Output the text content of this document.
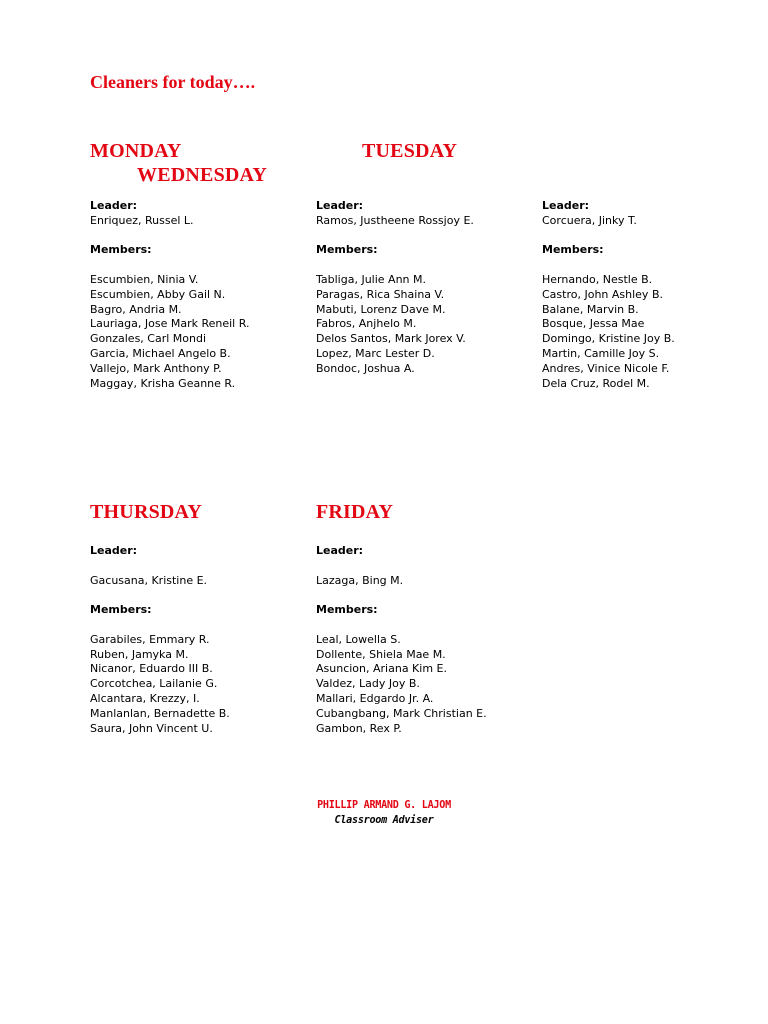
Cleaners for today….
MONDAY	TUESDAY
WEDNESDAY
THURSDAY	FRIDAY

Leader:

Enriquez, Russel L.

Members:

Escumbien, Ninia V.
Escumbien, Abby Gail N.
Bagro, Andria M.
Lauriaga, Jose Mark Reneil R.
Gonzales, Carl Mondi
Garcia, Michael Angelo B.
Vallejo, Mark Anthony P.
Maggay, Krisha Geanne R.

Leader:

Ramos, Justheene Rossjoy E.

Members:

Tabliga, Julie Ann M.
Paragas, Rica Shaina V.
Mabuti, Lorenz Dave M.
Fabros, Anjhelo M.
Delos Santos, Mark Jorex V.
Lopez, Marc Lester D.
Bondoc, Joshua A.

Leader:

Corcuera, Jinky T.

Members:

Hernando, Nestle B.
Castro, John Ashley B.
Balane, Marvin B.
Bosque, Jessa Mae
Domingo, Kristine Joy B.
Martin, Camille Joy S.
Andres, Vinice Nicole F.
Dela Cruz, Rodel M.

Leader:

Gacusana, Kristine E.

Members:

Garabiles, Emmary R.
Ruben, Jamyka M.
Nicanor, Eduardo III B.
Corcotchea, Lailanie G.
Alcantara, Krezzy, I.
Manlanlan, Bernadette B.
Saura, John Vincent U.

Leader:

Lazaga, Bing M.

Members:

Leal, Lowella S.
Dollente, Shiela Mae M.
Asuncion, Ariana Kim E.
Valdez, Lady Joy B.
Mallari, Edgardo Jr. A.
Cubangbang, Mark Christian E.
Gambon, Rex P.
PHILLIP ARMAND G. LAJOM
Classroom Adviser
